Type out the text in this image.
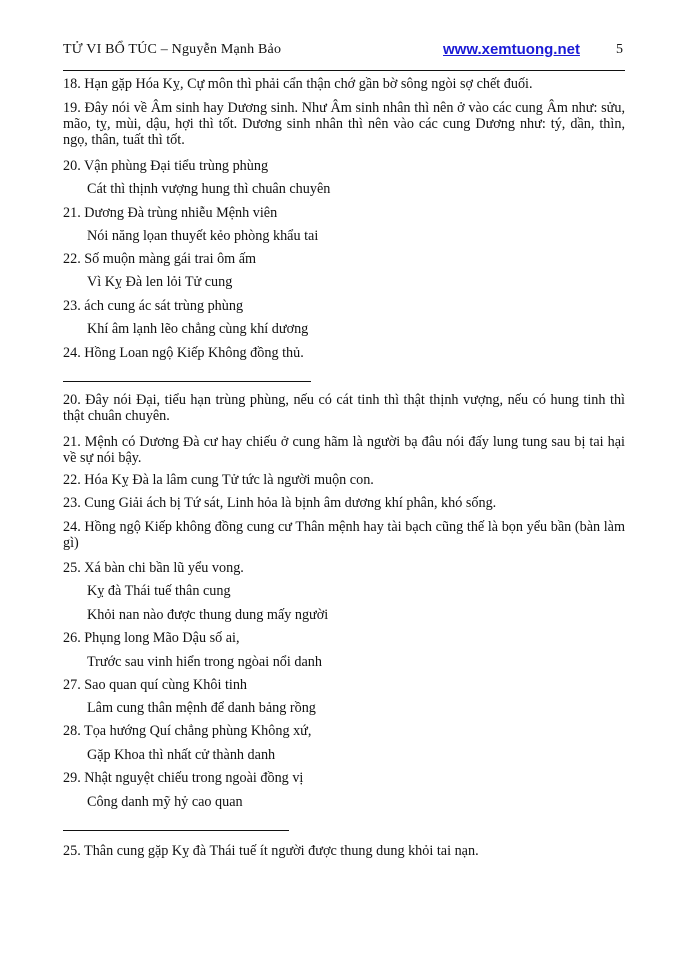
TỬ VI BỔ TÚC – Nguyễn Mạnh Bảo	www.xemtuong.net	5

18. Hạn gặp Hóa Kỵ, Cự môn thì phải cẩn thận chớ gần bờ sông ngòi sợ chết đuối.

19. Đây nói về Âm sinh hay Dương sinh. Như Âm sinh nhân thì nên ở vào các cung Âm như: sửu, mão, tỵ, mùi, dậu, hợi thì tốt. Dương sinh nhân thì nên vào các cung Dương như: tý, dần, thìn, ngọ, thân, tuất thì tốt.

20. Vận phùng Đại tiểu trùng phùng

Cát thì thịnh vượng hung thì chuân chuyên

21. Dương Đà trùng nhiễu Mệnh viên

Nói năng lọan thuyết kẻo phòng khẩu tai

22. Số muộn màng gái trai ôm ấm

Vì Kỵ Đà len lỏi Tử cung

23. ách cung ác sát trùng phùng

Khí âm lạnh lẽo chẳng cùng khí dương

24. Hồng Loan ngộ Kiếp Không đồng thủ.

20. Đây nói Đại, tiểu hạn trùng phùng, nếu có cát tinh thì thật thịnh vượng, nếu có hung tinh thì thật chuân chuyên.

21. Mệnh có Dương Đà cư hay chiếu ở cung hãm là người bạ đâu nói đấy lung tung sau bị tai hại về sự nói bậy.

22. Hóa Kỵ Đà la lâm cung Tử tức là người muộn con.

23. Cung Giải ách bị Tứ sát, Linh hỏa là bịnh âm dương khí phân, khó sống.

24. Hồng ngộ Kiếp không đồng cung cư Thân mệnh hay tài bạch cũng thế là bọn yểu bần (bàn làm gì)

25. Xá bàn chi bần lũ yểu vong.

Kỵ đà Thái tuế thân cung

Khỏi nan nào được thung dung mấy người

26. Phụng long Mão Dậu số ai,

Trước sau vinh hiển trong ngòai nổi danh

27. Sao quan quí cùng Khôi tinh

Lâm cung thân mệnh để danh bảng rồng

28. Tọa hướng Quí chẳng phùng Không xứ,

Gặp Khoa thì nhất cử thành danh

29. Nhật nguyệt chiếu trong ngoài đồng vị

Công danh mỹ hỷ cao quan

25. Thân cung gặp Kỵ đà Thái tuế ít người được thung dung khỏi tai nạn.
